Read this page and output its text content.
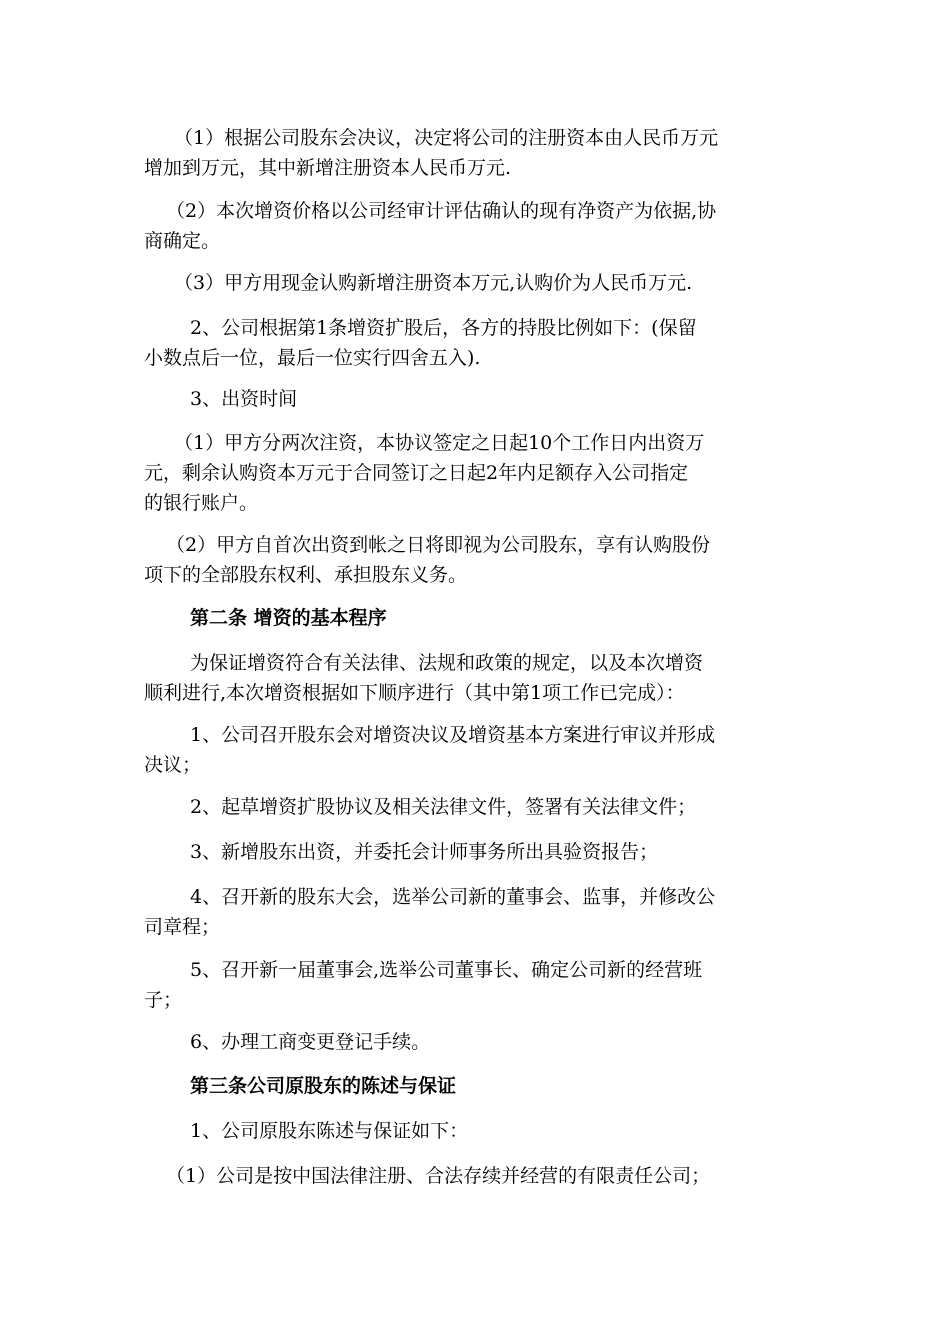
（1）根据公司股东会决议，决定将公司的注册资本由人民币万元
增加到万元，其中新增注册资本人民币万元.

（2）本次增资价格以公司经审计评估确认的现有净资产为依据,协
商确定。

（3）甲方用现金认购新增注册资本万元,认购价为人民币万元.

2、公司根据第1条增资扩股后，各方的持股比例如下：(保留
小数点后一位，最后一位实行四舍五入).

3、出资时间

（1）甲方分两次注资，本协议签定之日起10个工作日内出资万
元，剩余认购资本万元于合同签订之日起2年内足额存入公司指定
的银行账户。

（2）甲方自首次出资到帐之日将即视为公司股东，享有认购股份
项下的全部股东权利、承担股东义务。

第二条 增资的基本程序

为保证增资符合有关法律、法规和政策的规定，以及本次增资
顺利进行,本次增资根据如下顺序进行（其中第1项工作已完成）：

1、公司召开股东会对增资决议及增资基本方案进行审议并形成
决议；

2、起草增资扩股协议及相关法律文件，签署有关法律文件；

3、新增股东出资，并委托会计师事务所出具验资报告；

4、召开新的股东大会，选举公司新的董事会、监事，并修改公
司章程；

5、召开新一届董事会,选举公司董事长、确定公司新的经营班
子；

6、办理工商变更登记手续。

第三条公司原股东的陈述与保证

1、公司原股东陈述与保证如下：

（1）公司是按中国法律注册、合法存续并经营的有限责任公司；
